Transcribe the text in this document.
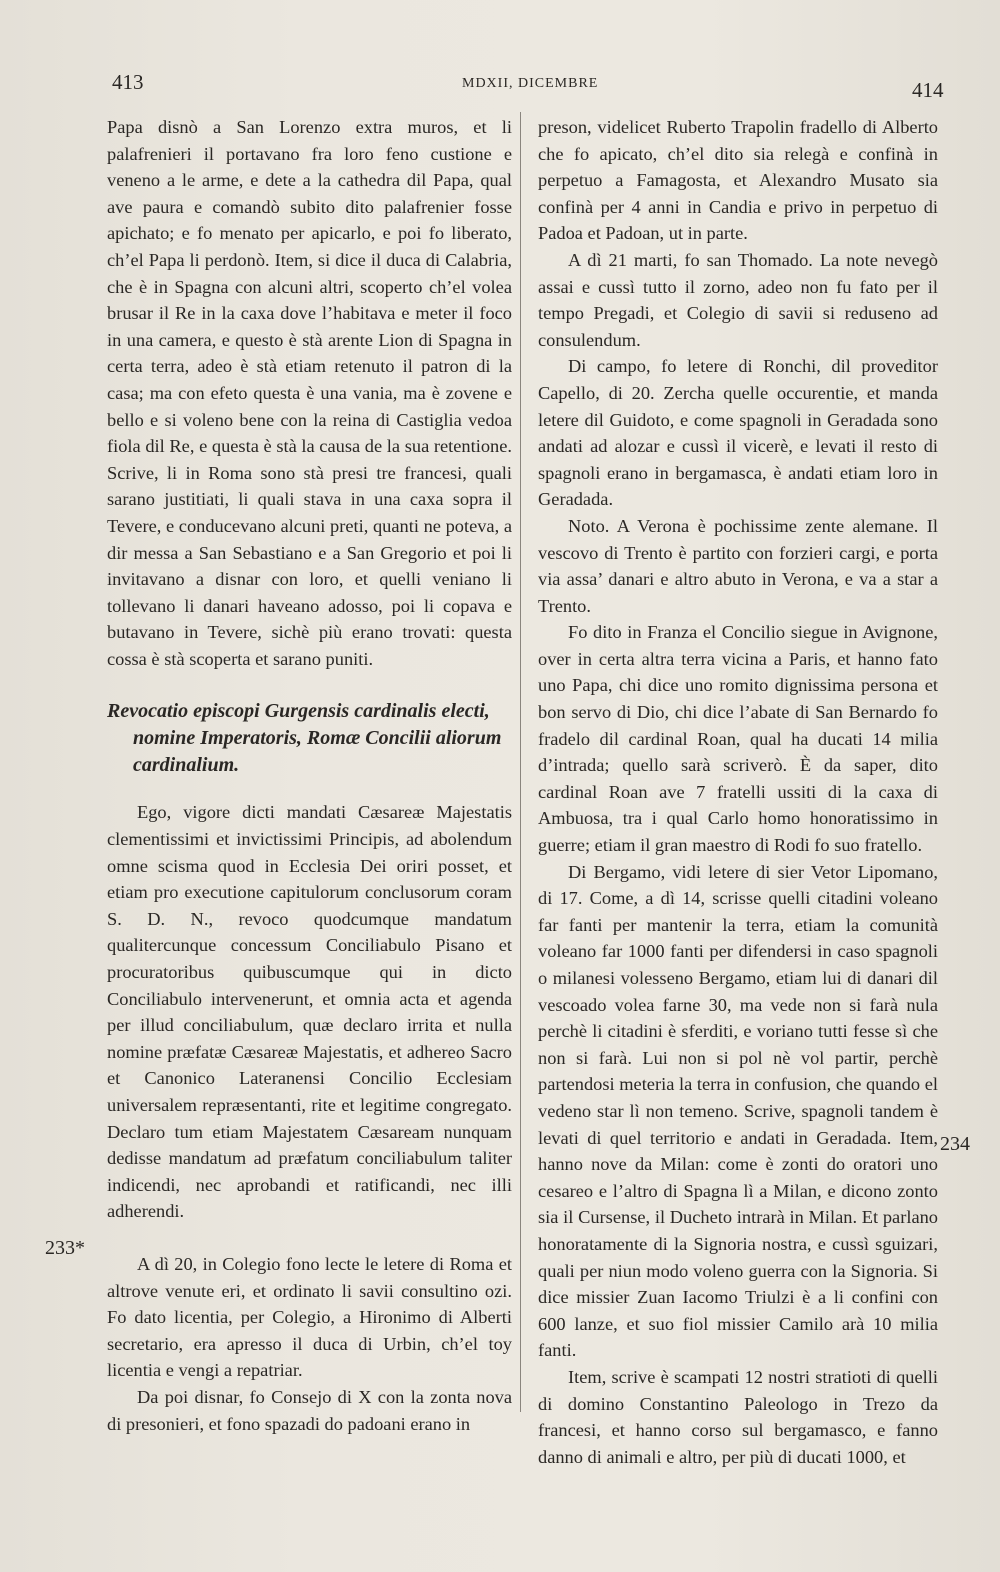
413	MDXII, DICEMBRE	414
233*
234

Papa disnò a San Lorenzo extra muros, et li palafrenieri il portavano fra loro feno custione e veneno a le arme, e dete a la cathedra dil Papa, qual ave paura e comandò subito dito palafrenier fosse apichato; e fo menato per apicarlo, e poi fo liberato, ch’el Papa li perdonò. Item, si dice il duca di Calabria, che è in Spagna con alcuni altri, scoperto ch’el volea brusar il Re in la caxa dove l’habitava e meter il foco in una camera, e questo è stà arente Lion di Spagna in certa terra, adeo è stà etiam retenuto il patron di la casa; ma con efeto questa è una vania, ma è zovene e bello e si voleno bene con la reina di Castiglia vedoa fiola dil Re, e questa è stà la causa de la sua retentione. Scrive, li in Roma sono stà presi tre francesi, quali sarano justitiati, li quali stava in una caxa sopra il Tevere, e conducevano alcuni preti, quanti ne poteva, a dir messa a San Sebastiano e a San Gregorio et poi li invitavano a disnar con loro, et quelli veniano li tollevano li danari haveano adosso, poi li copava e butavano in Tevere, sichè più erano trovati: questa cossa è stà scoperta et sarano puniti.

Revocatio episcopi Gurgensis cardinalis electi, nomine Imperatoris, Romæ Concilii aliorum cardinalium.

Ego, vigore dicti mandati Cæsareæ Majestatis clementissimi et invictissimi Principis, ad abolendum omne scisma quod in Ecclesia Dei oriri posset, et etiam pro executione capitulorum conclusorum coram S. D. N., revoco quodcumque mandatum qualitercunque concessum Conciliabulo Pisano et procuratoribus quibuscumque qui in dicto Conciliabulo intervenerunt, et omnia acta et agenda per illud conciliabulum, quæ declaro irrita et nulla nomine præfatæ Cæsareæ Majestatis, et adhereo Sacro et Canonico Lateranensi Concilio Ecclesiam universalem repræsentanti, rite et legitime congregato. Declaro tum etiam Majestatem Cæsaream nunquam dedisse mandatum ad præfatum conciliabulum taliter indicendi, nec aprobandi et ratificandi, nec illi adherendi.

A dì 20, in Colegio fono lecte le letere di Roma et altrove venute eri, et ordinato li savii consultino ozi. Fo dato licentia, per Colegio, a Hironimo di Alberti secretario, era apresso il duca di Urbin, ch’el toy licentia e vengi a repatriar.

Da poi disnar, fo Consejo di X con la zonta nova di presonieri, et fono spazadi do padoani erano in

preson, videlicet Ruberto Trapolin fradello di Alberto che fo apicato, ch’el dito sia relegà e confinà in perpetuo a Famagosta, et Alexandro Musato sia confinà per 4 anni in Candia e privo in perpetuo di Padoa et Padoan, ut in parte.

A dì 21 marti, fo san Thomado. La note nevegò assai e cussì tutto il zorno, adeo non fu fato per il tempo Pregadi, et Colegio di savii si reduseno ad consulendum.

Di campo, fo letere di Ronchi, dil proveditor Capello, di 20. Zercha quelle occurentie, et manda letere dil Guidoto, e come spagnoli in Geradada sono andati ad alozar e cussì il vicerè, e levati il resto di spagnoli erano in bergamasca, è andati etiam loro in Geradada.

Noto. A Verona è pochissime zente alemane. Il vescovo di Trento è partito con forzieri cargi, e porta via assa’ danari e altro abuto in Verona, e va a star a Trento.

Fo dito in Franza el Concilio siegue in Avignone, over in certa altra terra vicina a Paris, et hanno fato uno Papa, chi dice uno romito dignissima persona et bon servo di Dio, chi dice l’abate di San Bernardo fo fradelo dil cardinal Roan, qual ha ducati 14 milia d’intrada; quello sarà scriverò. È da saper, dito cardinal Roan ave 7 fratelli ussiti di la caxa di Ambuosa, tra i qual Carlo homo honoratissimo in guerre; etiam il gran maestro di Rodi fo suo fratello.

Di Bergamo, vidi letere di sier Vetor Lipomano, di 17. Come, a dì 14, scrisse quelli citadini voleano far fanti per mantenir la terra, etiam la comunità voleano far 1000 fanti per difendersi in caso spagnoli o milanesi volesseno Bergamo, etiam lui di danari dil vescoado volea farne 30, ma vede non si farà nula perchè li citadini è sferditi, e voriano tutti fesse sì che non si farà. Lui non si pol nè vol partir, perchè partendosi meteria la terra in confusion, che quando el vedeno star lì non temeno. Scrive, spagnoli tandem è levati di quel territorio e andati in Geradada. Item, hanno nove da Milan: come è zonti do oratori uno cesareo e l’altro di Spagna lì a Milan, e dicono zonto sia il Cursense, il Ducheto intrarà in Milan. Et parlano honoratamente di la Signoria nostra, e cussì sguizari, quali per niun modo voleno guerra con la Signoria. Si dice missier Zuan Iacomo Triulzi è a li confini con 600 lanze, et suo fiol missier Camilo arà 10 milia fanti.

Item, scrive è scampati 12 nostri stratioti di quelli di domino Constantino Paleologo in Trezo da francesi, et hanno corso sul bergamasco, e fanno danno di animali e altro, per più di ducati 1000, et
